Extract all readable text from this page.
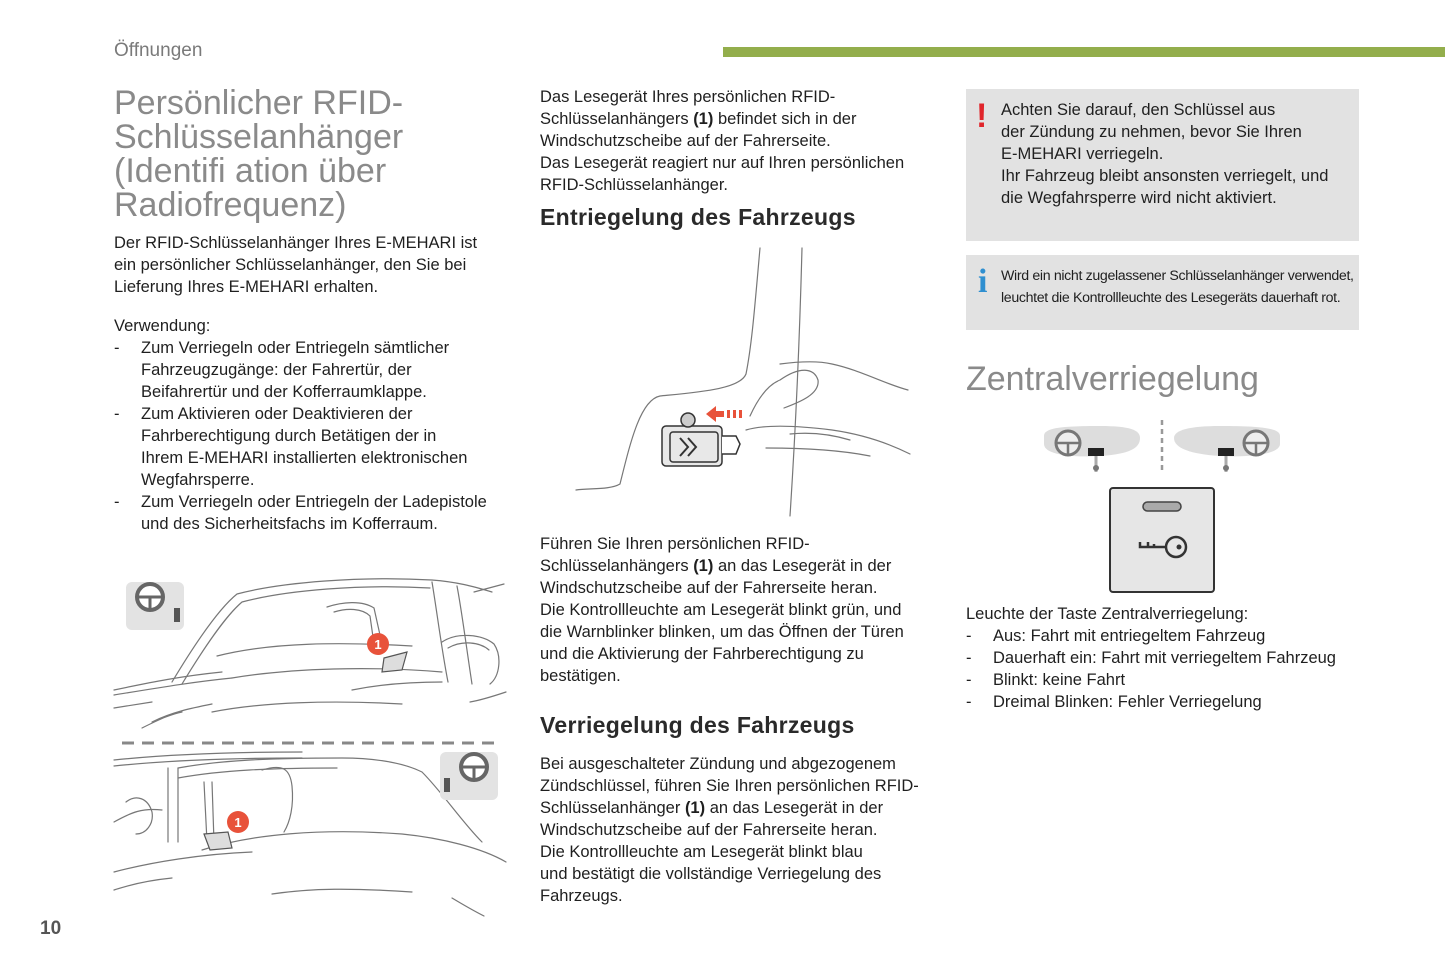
Öffnungen
Persönlicher RFID-
Schlüsselanhänger
(Identifi ation über
Radiofrequenz)
Der RFID-Schlüsselanhänger Ihres E-MEHARI ist
ein persönlicher Schlüsselanhänger, den Sie bei
Lieferung Ihres E-MEHARI erhalten.
Verwendung:
- Zum Verriegeln oder Entriegeln sämtlicher
Fahrzeugzugänge: der Fahrertür, der
Beifahrertür und der Kofferraumklappe.
- Zum Aktivieren oder Deaktivieren der
Fahrberechtigung durch Betätigen der in
Ihrem E-MEHARI installierten elektronischen
Wegfahrsperre.
- Zum Verriegeln oder Entriegeln der Ladepistole
und des Sicherheitsfachs im Kofferraum.
1
1
Das Lesegerät Ihres persönlichen RFID-
Schlüsselanhängers (1) befindet sich in der
Windschutzscheibe auf der Fahrerseite.
Das Lesegerät reagiert nur auf Ihren persönlichen
RFID-Schlüsselanhänger.
Entriegelung des Fahrzeugs
Führen Sie Ihren persönlichen RFID-
Schlüsselanhängers (1) an das Lesegerät in der
Windschutzscheibe auf der Fahrerseite heran.
Die Kontrollleuchte am Lesegerät blinkt grün, und
die Warnblinker blinken, um das Öffnen der Türen
und die Aktivierung der Fahrberechtigung zu
bestätigen.
Verriegelung des Fahrzeugs
Bei ausgeschalteter Zündung und abgezogenem
Zündschlüssel, führen Sie Ihren persönlichen RFID-
Schlüsselanhänger (1) an das Lesegerät in der
Windschutzscheibe auf der Fahrerseite heran.
Die Kontrollleuchte am Lesegerät blinkt blau
und bestätigt die vollständige Verriegelung des
Fahrzeugs.
! Achten Sie darauf, den Schlüssel aus
der Zündung zu nehmen, bevor Sie Ihren
E-MEHARI verriegeln.
Ihr Fahrzeug bleibt ansonsten verriegelt, und
die Wegfahrsperre wird nicht aktiviert.
i Wird ein nicht zugelassener Schlüsselanhänger verwendet,
leuchtet die Kontrollleuchte des Lesegeräts dauerhaft rot.
Zentralverriegelung
Leuchte der Taste Zentralverriegelung:
- Aus: Fahrt mit entriegeltem Fahrzeug
- Dauerhaft ein: Fahrt mit verriegeltem Fahrzeug
- Blinkt: keine Fahrt
- Dreimal Blinken: Fehler Verriegelung
10
